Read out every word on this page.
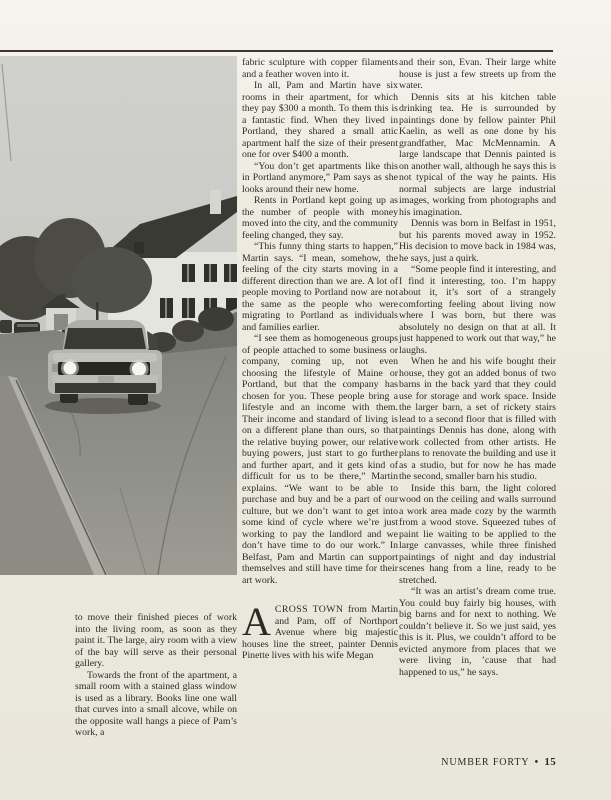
to move their finished pieces of work into the living room, as soon as they paint it. The large, airy room with a view of the bay will serve as their personal gallery.

Towards the front of the apartment, a small room with a stained glass window is used as a library. Books line one wall that curves into a small alcove, while on the opposite wall hangs a piece of Pam’s work, a

fabric sculpture with copper filaments and a feather woven into it.

In all, Pam and Martin have six rooms in their apartment, for which they pay $300 a month. To them this is a fantastic find. When they lived in Portland, they shared a small attic apartment half the size of their present one for over $400 a month.

“You don’t get apartments like this in Portland anymore,” Pam says as she looks around their new home.

Rents in Portland kept going up as the number of people with money moved into the city, and the community feeling changed, they say.

“This funny thing starts to happen,” Martin says. “I mean, somehow, the feeling of the city starts moving in a different direction than we are. A lot of people moving to Portland now are not the same as the people who were migrating to Portland as individuals and families earlier.

“I see them as homogeneous groups of people attached to some business or company, coming up, not even choosing the lifestyle of Maine or Portland, but that the company has chosen for you. These people bring a lifestyle and an income with them. Their income and standard of living is on a different plane than ours, so that the relative buying power, our relative buying powers, just start to go further and further apart, and it gets kind of difficult for us to be there,” Martin explains. “We want to be able to purchase and buy and be a part of our culture, but we don’t want to get into some kind of cycle where we’re just working to pay the landlord and we don’t have time to do our work.” In Belfast, Pam and Martin can support themselves and still have time for their art work.

ACROSS TOWN from Martin and Pam, off of Northport Avenue where big majestic houses line the street, painter Dennis Pinette lives with his wife Megan

and their son, Evan. Their large white house is just a few streets up from the water.

Dennis sits at his kitchen table drinking tea. He is surrounded by paintings done by fellow painter Phil Kaelin, as well as one done by his grandfather, Mac McMennamin. A large landscape that Dennis painted is on another wall, although he says this is not typical of the way he paints. His normal subjects are large industrial images, working from photographs and his imagination.

Dennis was born in Belfast in 1951, but his parents moved away in 1952. His decision to move back in 1984 was, he says, just a quirk.

“Some people find it interesting, and I find it interesting, too. I’m happy about it, it’s sort of a strangely comforting feeling about living now where I was born, but there was absolutely no design on that at all. It just happened to work out that way,” he laughs.

When he and his wife bought their house, they got an added bonus of two barns in the back yard that they could use for storage and work space. Inside the larger barn, a set of rickety stairs lead to a second floor that is filled with paintings Dennis has done, along with work collected from other artists. He plans to renovate the building and use it as a studio, but for now he has made the second, smaller barn his studio.

Inside this barn, the light colored wood on the ceiling and walls surround a work area made cozy by the warmth from a wood stove. Squeezed tubes of paint lie waiting to be applied to the large canvasses, while three finished paintings of night and day industrial scenes hang from a line, ready to be stretched.

“It was an artist’s dream come true. You could buy fairly big houses, with big barns and for next to nothing. We couldn’t believe it. So we just said, yes this is it. Plus, we couldn’t afford to be evicted anymore from places that we were living in, ’cause that had happened to us,” he says.

NUMBER FORTY • 15
